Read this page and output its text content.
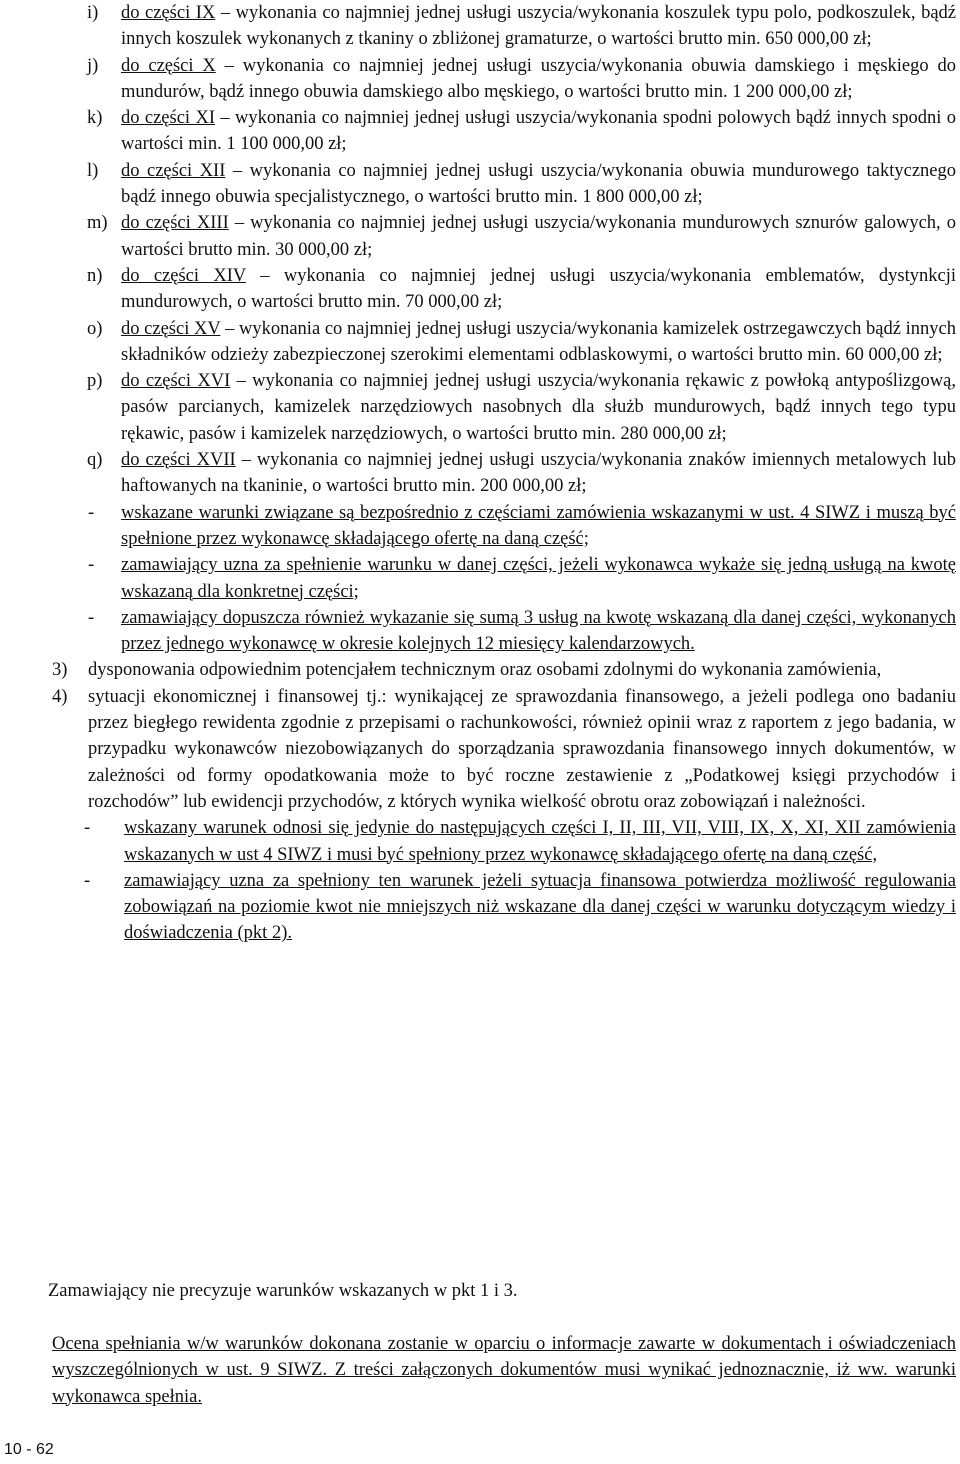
i) do części IX – wykonania co najmniej jednej usługi uszycia/wykonania koszulek typu polo, podkoszulek, bądź innych koszulek wykonanych z tkaniny o zbliżonej gramaturze, o wartości brutto min. 650 000,00 zł;
j) do części X – wykonania co najmniej jednej usługi uszycia/wykonania obuwia damskiego i męskiego do mundurów, bądź innego obuwia damskiego albo męskiego, o wartości brutto min. 1 200 000,00 zł;
k) do części XI – wykonania co najmniej jednej usługi uszycia/wykonania spodni polowych bądź innych spodni o wartości min. 1 100 000,00 zł;
l) do części XII – wykonania co najmniej jednej usługi uszycia/wykonania obuwia mundurowego taktycznego bądź innego obuwia specjalistycznego, o wartości brutto min. 1 800 000,00 zł;
m) do części XIII – wykonania co najmniej jednej usługi uszycia/wykonania mundurowych sznurów galowych, o wartości brutto min. 30 000,00 zł;
n) do części XIV – wykonania co najmniej jednej usługi uszycia/wykonania emblematów, dystynkcji mundurowych, o wartości brutto min. 70 000,00 zł;
o) do części XV – wykonania co najmniej jednej usługi uszycia/wykonania kamizelek ostrzegawczych bądź innych składników odzieży zabezpieczonej szerokimi elementami odblaskowymi, o wartości brutto min. 60 000,00 zł;
p) do części XVI – wykonania co najmniej jednej usługi uszycia/wykonania rękawic z powłoką antypoślizgową, pasów parcianych, kamizelek narzędziowych nasobnych dla służb mundurowych, bądź innych tego typu rękawic, pasów i kamizelek narzędziowych, o wartości brutto min. 280 000,00 zł;
q) do części XVII – wykonania co najmniej jednej usługi uszycia/wykonania znaków imiennych metalowych lub haftowanych na tkaninie, o wartości brutto min. 200 000,00 zł;
- wskazane warunki związane są bezpośrednio z częściami zamówienia wskazanymi w ust. 4 SIWZ i muszą być spełnione przez wykonawcę składającego ofertę na daną część;
- zamawiający uzna za spełnienie warunku w danej części, jeżeli wykonawca wykaże się jedną usługą na kwotę wskazaną dla konkretnej części;
- zamawiający dopuszcza również wykazanie się sumą 3 usług na kwotę wskazaną dla danej części, wykonanych przez jednego wykonawcę w okresie kolejnych 12 miesięcy kalendarzowych.
3) dysponowania odpowiednim potencjałem technicznym oraz osobami zdolnymi do wykonania zamówienia,
4) sytuacji ekonomicznej i finansowej tj.: wynikającej ze sprawozdania finansowego, a jeżeli podlega ono badaniu przez biegłego rewidenta zgodnie z przepisami o rachunkowości, również opinii wraz z raportem z jego badania, w przypadku wykonawców niezobowiązanych do sporządzania sprawozdania finansowego innych dokumentów, w zależności od formy opodatkowania może to być roczne zestawienie z „Podatkowej księgi przychodów i rozchodów” lub ewidencji przychodów, z których wynika wielkość obrotu oraz zobowiązań i należności.
- wskazany warunek odnosi się jedynie do następujących części I, II, III, VII, VIII, IX, X, XI, XII zamówienia wskazanych w ust 4 SIWZ i musi być spełniony przez wykonawcę składającego ofertę na daną część,
- zamawiający uzna za spełniony ten warunek jeżeli sytuacja finansowa potwierdza możliwość regulowania zobowiązań na poziomie kwot nie mniejszych niż wskazane dla danej części w warunku dotyczącym wiedzy i doświadczenia (pkt 2).

Zamawiający nie precyzuje warunków wskazanych w pkt 1 i 3.

Ocena spełniania w/w warunków dokonana zostanie w oparciu o informacje zawarte w dokumentach i oświadczeniach wyszczególnionych w ust. 9 SIWZ. Z treści załączonych dokumentów musi wynikać jednoznacznie, iż ww. warunki wykonawca spełnia.

10 - 62
